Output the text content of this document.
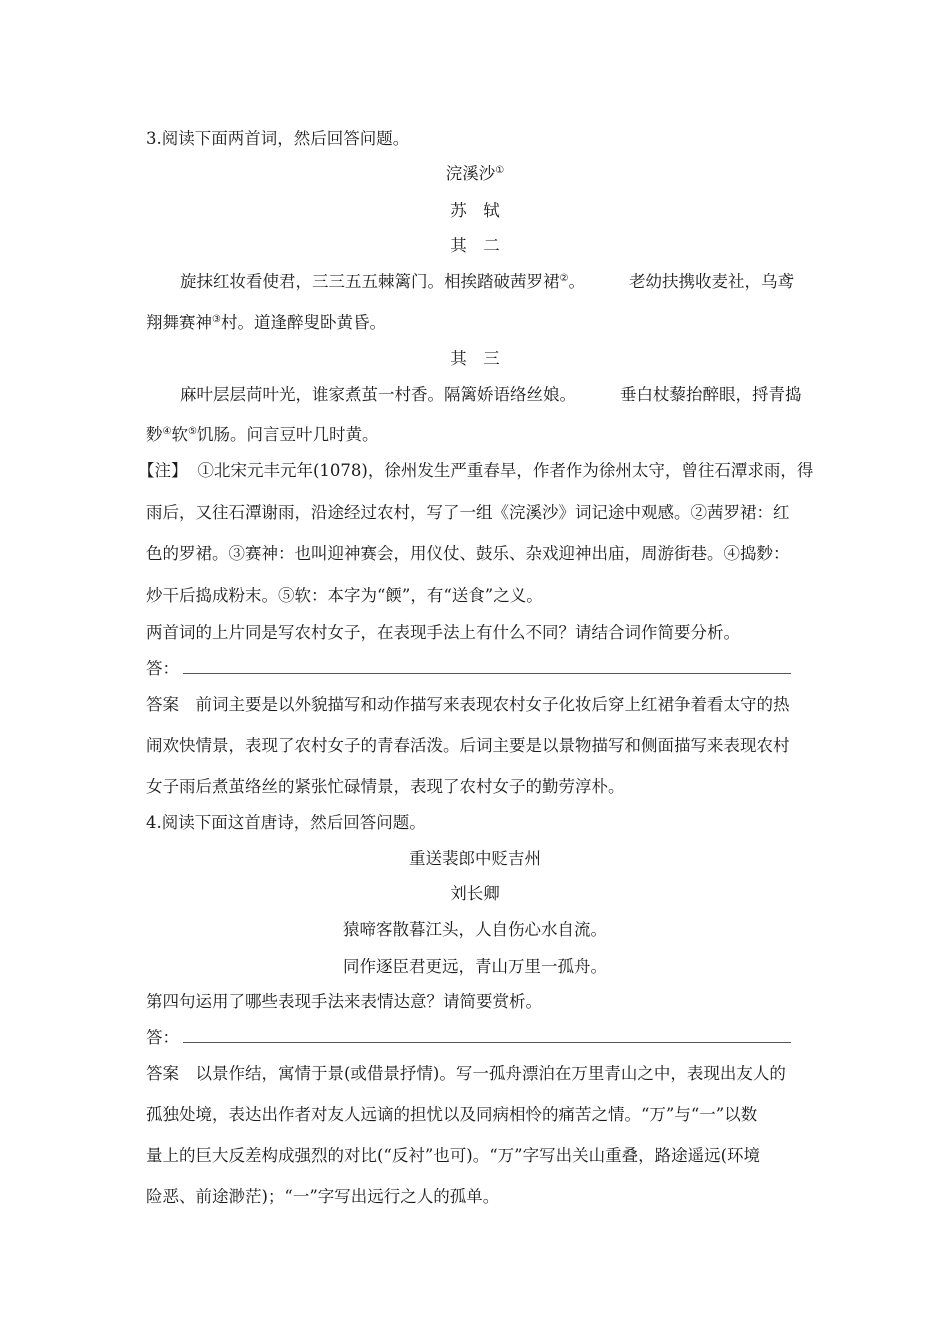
3.阅读下面两首词，然后回答问题。
浣溪沙①
苏　轼
其　二
旋抹红妆看使君，三三五五棘篱门。相挨踏破茜罗裙②。	老幼扶携收麦社，乌鸢
翔舞赛神③村。道逢醉叟卧黄昏。
其　三
麻叶层层苘叶光，谁家煮茧一村香。隔篱娇语络丝娘。	垂白杖藜抬醉眼，捋青捣
麨④软⑤饥肠。问言豆叶几时黄。
【注】 ①北宋元丰元年(1078)，徐州发生严重春旱，作者作为徐州太守，曾往石潭求雨，得
雨后，又往石潭谢雨，沿途经过农村，写了一组《浣溪沙》词记途中观感。②茜罗裙：红
色的罗裙。③赛神：也叫迎神赛会，用仪仗、鼓乐、杂戏迎神出庙，周游街巷。④捣麨：
炒干后捣成粉末。⑤软：本字为“餪”，有“送食”之义。
两首词的上片同是写农村女子，在表现手法上有什么不同？请结合词作简要分析。
答：
答案　前词主要是以外貌描写和动作描写来表现农村女子化妆后穿上红裙争着看太守的热
闹欢快情景，表现了农村女子的青春活泼。后词主要是以景物描写和侧面描写来表现农村
女子雨后煮茧络丝的紧张忙碌情景，表现了农村女子的勤劳淳朴。
4.阅读下面这首唐诗，然后回答问题。
重送裴郎中贬吉州
刘长卿
猿啼客散暮江头，人自伤心水自流。
同作逐臣君更远，青山万里一孤舟。
第四句运用了哪些表现手法来表情达意？请简要赏析。
答：
答案　以景作结，寓情于景(或借景抒情)。写一孤舟漂泊在万里青山之中，表现出友人的
孤独处境，表达出作者对友人远谪的担忧以及同病相怜的痛苦之情。“万”与“一”以数
量上的巨大反差构成强烈的对比(“反衬”也可)。“万”字写出关山重叠，路途遥远(环境
险恶、前途渺茫)；“一”字写出远行之人的孤单。
